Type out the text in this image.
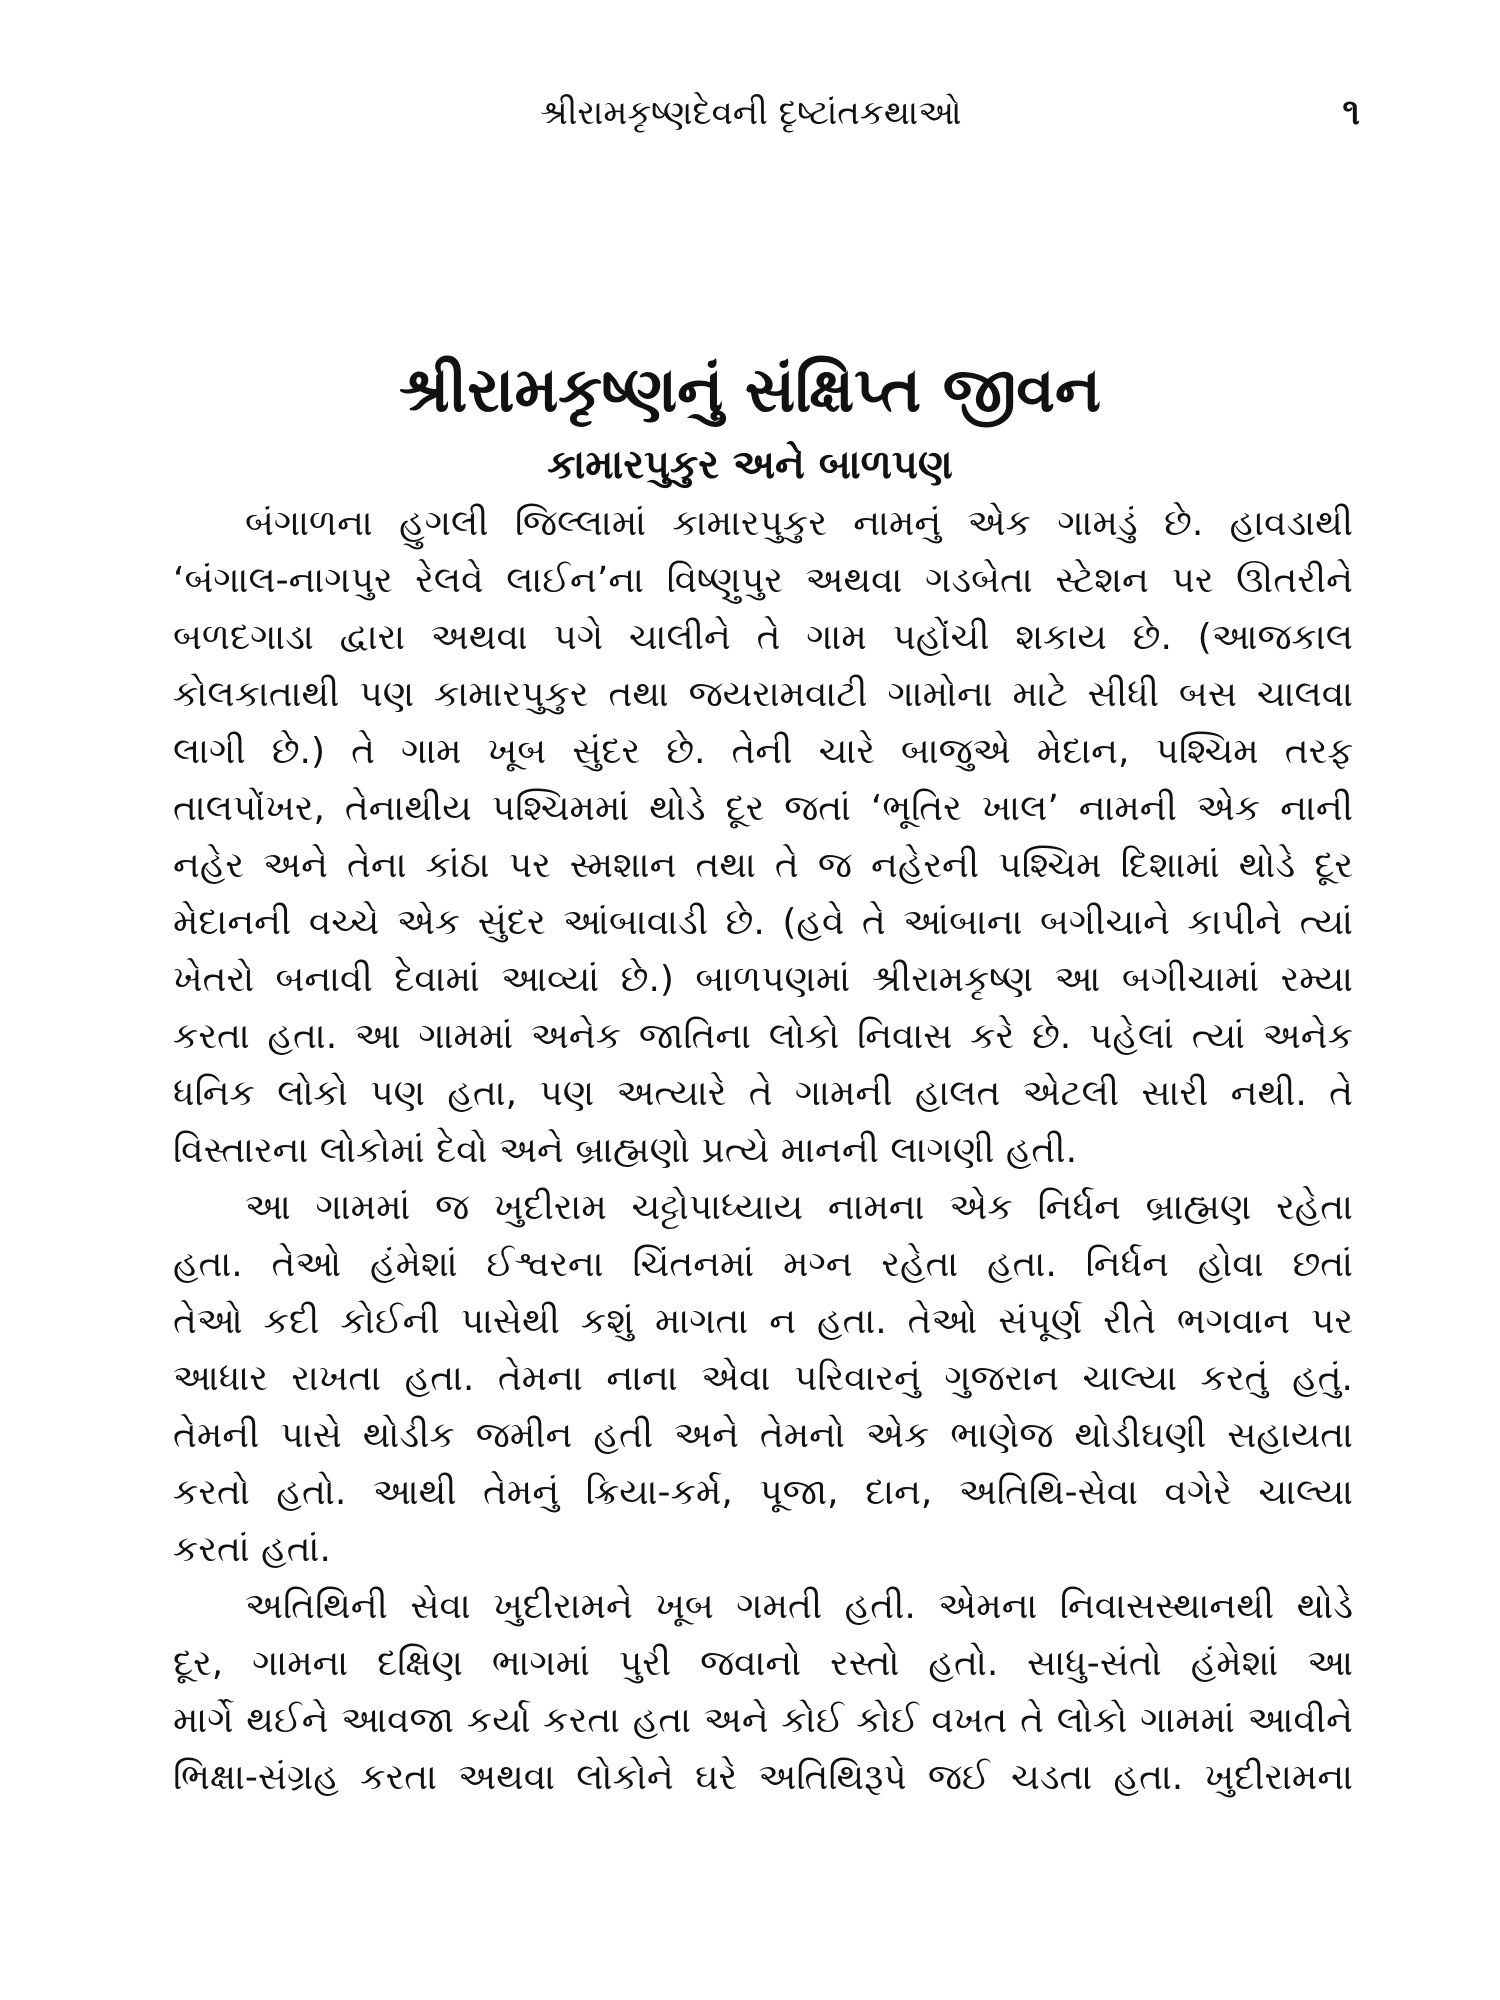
શ્રીરામકૃષ્ણદેવની દૃષ્ટાંતકથાઓ	૧
શ્રીરામકૃષ્ણનું સંક્ષિપ્ત જીવન
કામારપુકુર અને બાળપણ
બંગાળના હુગલી જિલ્લામાં કામારપુકુર નામનું એક ગામડું છે. હાવડાથી
‘બંગાલ-નાગપુર રેલવે લાઈન’ના વિષ્ણુપુર અથવા ગડબેતા સ્ટેશન પર ઊતરીને
બળદગાડા દ્વારા અથવા પગે ચાલીને તે ગામ પહોંચી શકાય છે. (આજકાલ
કોલકાતાથી પણ કામારપુકુર તથા જયરામવાટી ગામોના માટે સીધી બસ ચાલવા
લાગી છે.) તે ગામ ખૂબ સુંદર છે. તેની ચારે બાજુએ મેદાન, પશ્ચિમ તરફ
તાલપોંખર, તેનાથીય પશ્ચિમમાં થોડે દૂર જતાં ‘ભૂતિર ખાલ’ નામની એક નાની
નહેર અને તેના કાંઠા પર સ્મશાન તથા તે જ નહેરની પશ્ચિમ દિશામાં થોડે દૂર
મેદાનની વચ્ચે એક સુંદર આંબાવાડી છે. (હવે તે આંબાના બગીચાને કાપીને ત્યાં
ખેતરો બનાવી દેવામાં આવ્યાં છે.) બાળપણમાં શ્રીરામકૃષ્ણ આ બગીચામાં રમ્યા
કરતા હતા. આ ગામમાં અનેક જાતિના લોકો નિવાસ કરે છે. પહેલાં ત્યાં અનેક
ધનિક લોકો પણ હતા, પણ અત્યારે તે ગામની હાલત એટલી સારી નથી. તે
વિસ્તારના લોકોમાં દેવો અને બ્રાહ્મણો પ્રત્યે માનની લાગણી હતી.
આ ગામમાં જ ખુદીરામ ચટ્ટોપાધ્યાય નામના એક નિર્ધન બ્રાહ્મણ રહેતા
હતા. તેઓ હંમેશાં ઈશ્વરના ચિંતનમાં મગ્ન રહેતા હતા. નિર્ધન હોવા છતાં
તેઓ કદી કોઈની પાસેથી કશું માગતા ન હતા. તેઓ સંપૂર્ણ રીતે ભગવાન પર
આધાર રાખતા હતા. તેમના નાના એવા પરિવારનું ગુજરાન ચાલ્યા કરતું હતું.
તેમની પાસે થોડીક જમીન હતી અને તેમનો એક ભાણેજ થોડીઘણી સહાયતા
કરતો હતો. આથી તેમનું ક્રિયા-કર્મ, પૂજા, દાન, અતિથિ-સેવા વગેરે ચાલ્યા
કરતાં હતાં.
અતિથિની સેવા ખુદીરામને ખૂબ ગમતી હતી. એમના નિવાસસ્થાનથી થોડે
દૂર, ગામના દક્ષિણ ભાગમાં પુરી જવાનો રસ્તો હતો. સાધુ-સંતો હંમેશાં આ
માર્ગે થઈને આવજા કર્યા કરતા હતા અને કોઈ કોઈ વખત તે લોકો ગામમાં આવીને
ભિક્ષા-સંગ્રહ કરતા અથવા લોકોને ઘરે અતિથિરૂપે જઈ ચડતા હતા. ખુદીરામના
